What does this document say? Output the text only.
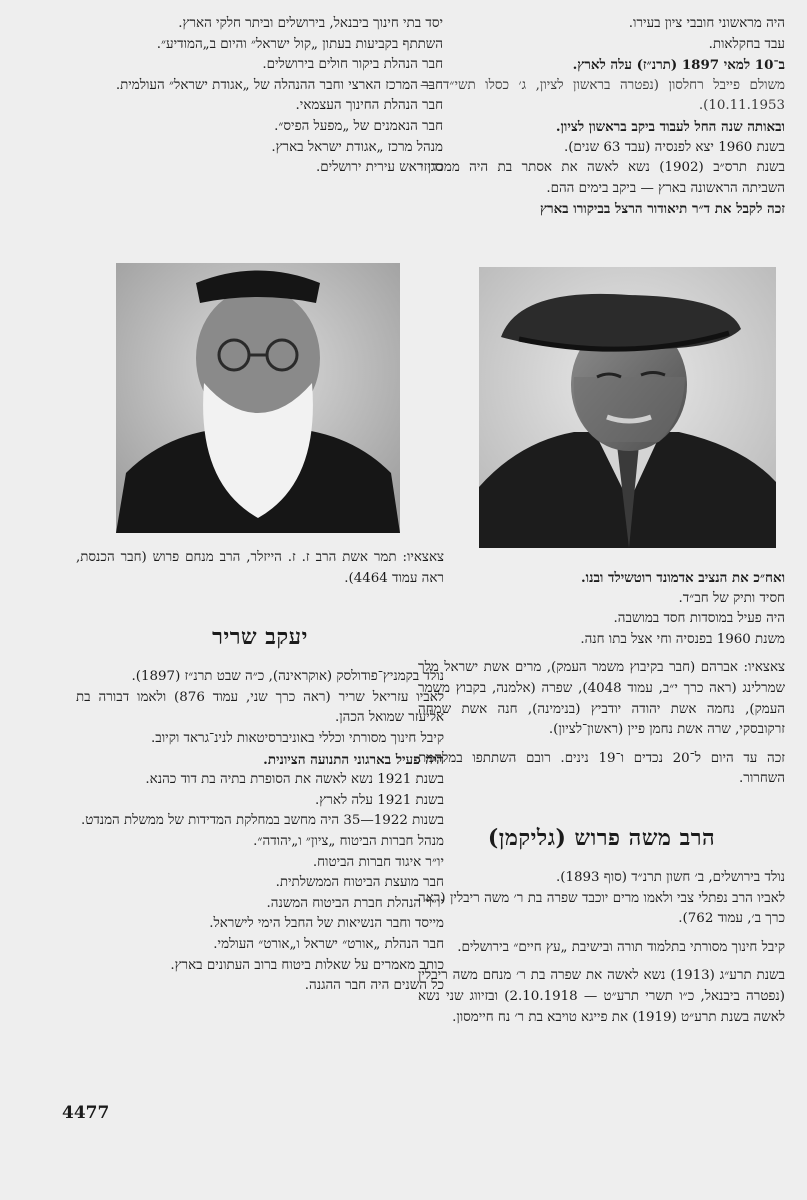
היה מראשוני חובבי ציון בעירו.

עבד בחקלאות.

ב־10 למאי 1897 (תרנ״ז) עלה לארץ.

משולם פייבל רחלסון (נפטרה בראשון לציון, ג׳ כסלו תשי״ד — 10.11.1953).

ובאותה שנה החל לעבוד ביקב בראשון לציון.

בשנת 1960 יצא לפנסיה (עבד 63 שנים).

בשנת תרס״ב (1902) נשא לאשה את אסתר בת היה ממכריזי השביתה הראשונה בארץ — ביקב בימים ההם.

זכה לקבל את ד״ר תיאודור הרצל בביקורו בארץ

יסד בתי חינוך ביבנאל, בירושלים וביתר חלקי הארץ.

השתתף בקביעות בעתון „קול ישראל״ והיום ב„המודיע״.

חבר הנהלת ביקור חולים בירושלים.

חבר המרכז הארצי וחבר ההנהלה של „אגודת ישראל״ העולמית.

חבר הנהלת החינוך העצמאי.

חבר הנאמנים של „מפעל הפיס״.

מנהל מרכז „אגודת ישראל בארץ.

סגן ראש עירית ירושלים.

ואח״כ את הנציב אדמונד רוטשילד ובנו.

חסיד ותיק של חב״ד.

היה פעיל במוסדות חסד במושבה.

משנת 1960 בפנסיה וחי אצל בתו חנה.

צאצאיו: אברהם (חבר בקיבוץ משמר העמק), מרים אשת ישראל מלך שמרלינג (ראה כרך י״ב, עמוד 4048), שפרה (אלמנה, בקבוץ משמר העמק), נחמה אשת יהודה יודביץ (בנימינה), חנה אשת שמחה זרקובסקי, שרה אשת נחמן פיין (ראשון־לציון).

זכה עד היום ל־20 נכדים ו־19 נינים. רובם השתתפו במלחמת השחרור.

הרב משה פרוש (גליקמן)

נולד בירושלים, ב׳ חשון תרנ״ד (סוף 1893).

לאביו הרב נפתלי צבי ולאמו מרים יוכבד שפרה בת ר׳ משה ריבלין (ראה כרך ב׳, עמוד 762).

קיבל חינוך מסורתי בתלמוד תורה ובישיבת „עץ חיים״ בירושלים.

בשנת תרע״ג (1913) נשא לאשה את שפרה בת ר׳ מנחם משה ריבלין (נפטרה ביבנאל, כ״ו תשרי תרע״ט — 2.10.1918) ובזיווג שני נשא לאשה בשנת תרע״ט (1919) את פייגא טויבא בת ר׳ נח חיימסון.

צאצאיו: תמר אשת הרב ז. ז. הייזלר, הרב מנחם פרוש (חבר הכנסת, ראה עמוד 4464).

יעקב שריר

נולד בקמניץ־פודולסק (אוקראינה), כ״ה שבט תרנ״ז (1897).

לאביו עזריאל שריר (ראה כרך שני, עמוד 876) ולאמו דבורה בת אליעזר שמואל הכהן.

קיבל חינוך מסורתי וכללי באוניברסיטאות לנינ־גראד וקיוב.

היה פעיל בארגוני התנועה הציונית.

בשנת 1921 נשא לאשה את הסופרת בתיה בת דוד כהנא.

בשנת 1921 עלה לארץ.

בשנות 1922—35 היה מחשב במחלקת המדידות של ממשלת המנדט.

מנהל חברות הביטוח „ציון״ ו„יהודה״.

יו״ר איגוד חברות הביטוח.

חבר מועצת הביטוח הממשלתית.

יו״ר הנהלת חברת הביטוח המשנה.

מייסד וחבר הנשיאות של החבל הימי לישראל.

חבר הנהלת „אורט״ ישראל ו„אורט״ העולמי.

כותב מאמרים על שאלות ביטוח ברוב העתונים בארץ.

כל השנים היה חבר ההגנה.

4477
